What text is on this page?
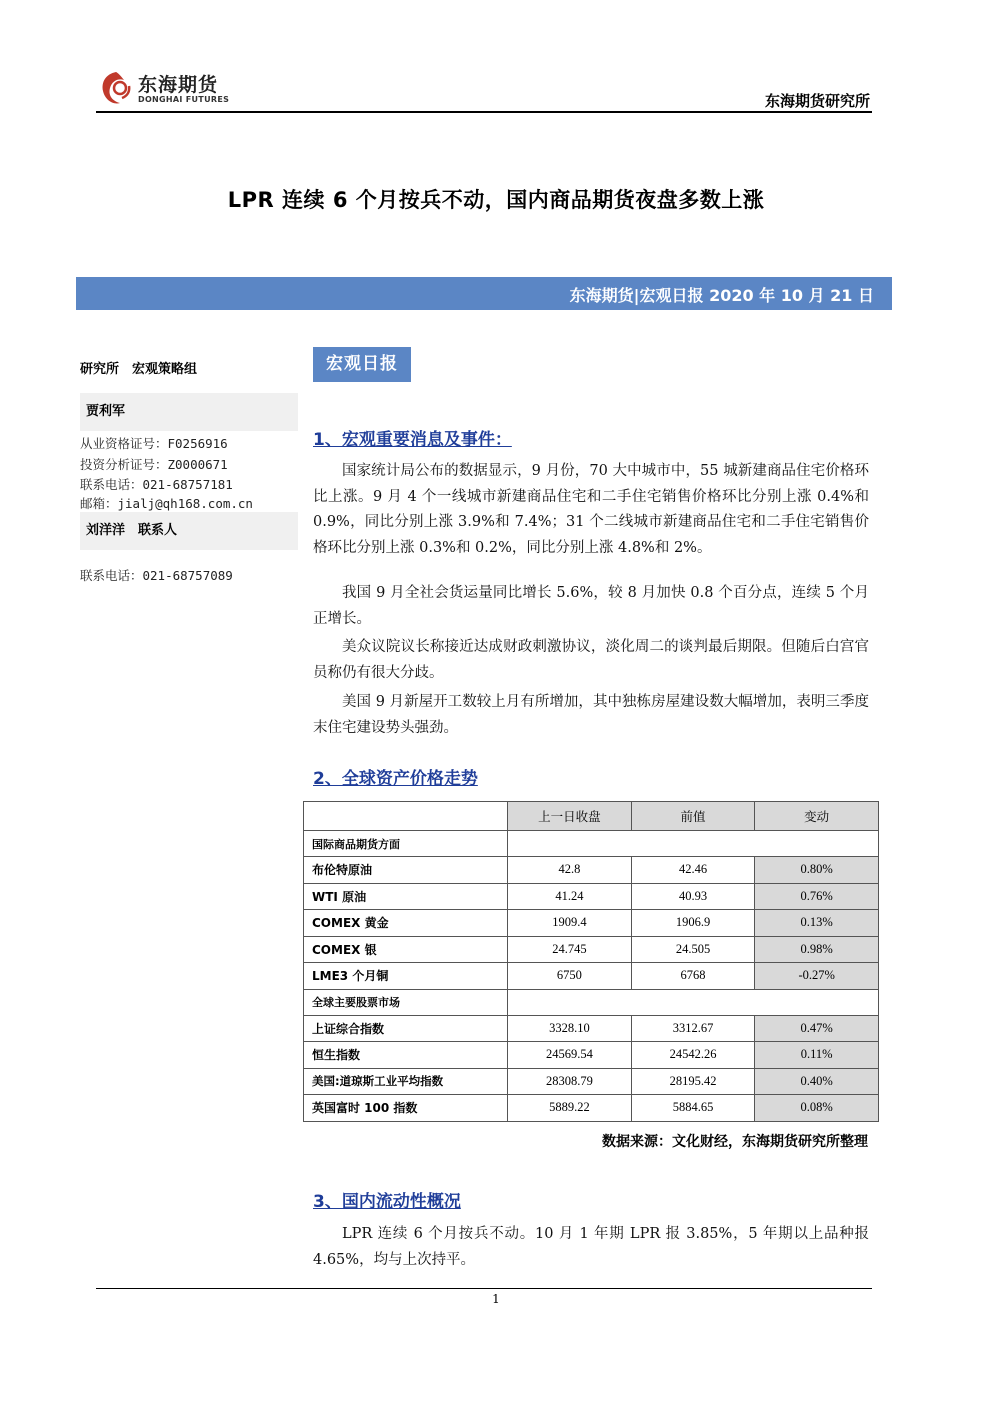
东海期货
DONGHAI FUTURES	东海期货研究所
LPR 连续 6 个月按兵不动，国内商品期货夜盘多数上涨
东海期货|宏观日报 2020 年 10 月 21 日
研究所　宏观策略组
贾利军
从业资格证号：F0256916
投资分析证号：Z0000671
联系电话：021-68757181
邮箱：jialj@qh168.com.cn
刘洋洋　联系人
联系电话：021-68757089
宏观日报
1、宏观重要消息及事件：
国家统计局公布的数据显示，9 月份，70 大中城市中，55 城新建商品住宅价格环比上涨。9 月 4 个一线城市新建商品住宅和二手住宅销售价格环比分别上涨 0.4%和 0.9%，同比分别上涨 3.9%和 7.4%；31 个二线城市新建商品住宅和二手住宅销售价格环比分别上涨 0.3%和 0.2%，同比分别上涨 4.8%和 2%。
我国 9 月全社会货运量同比增长 5.6%，较 8 月加快 0.8 个百分点，连续 5 个月正增长。
美众议院议长称接近达成财政刺激协议，淡化周二的谈判最后期限。但随后白宫官员称仍有很大分歧。
美国 9 月新屋开工数较上月有所增加，其中独栋房屋建设数大幅增加，表明三季度末住宅建设势头强劲。
2、全球资产价格走势
	上一日收盘	前值	变动
国际商品期货方面			
布伦特原油	42.8	42.46	0.80%
WTI 原油	41.24	40.93	0.76%
COMEX 黄金	1909.4	1906.9	0.13%
COMEX 银	24.745	24.505	0.98%
LME3 个月铜	6750	6768	-0.27%
全球主要股票市场			
上证综合指数	3328.10	3312.67	0.47%
恒生指数	24569.54	24542.26	0.11%
美国:道琼斯工业平均指数	28308.79	28195.42	0.40%
英国富时 100 指数	5889.22	5884.65	0.08%
数据来源：文化财经，东海期货研究所整理
3、国内流动性概况
LPR 连续 6 个月按兵不动。10 月 1 年期 LPR 报 3.85%，5 年期以上品种报 4.65%，均与上次持平。
1
